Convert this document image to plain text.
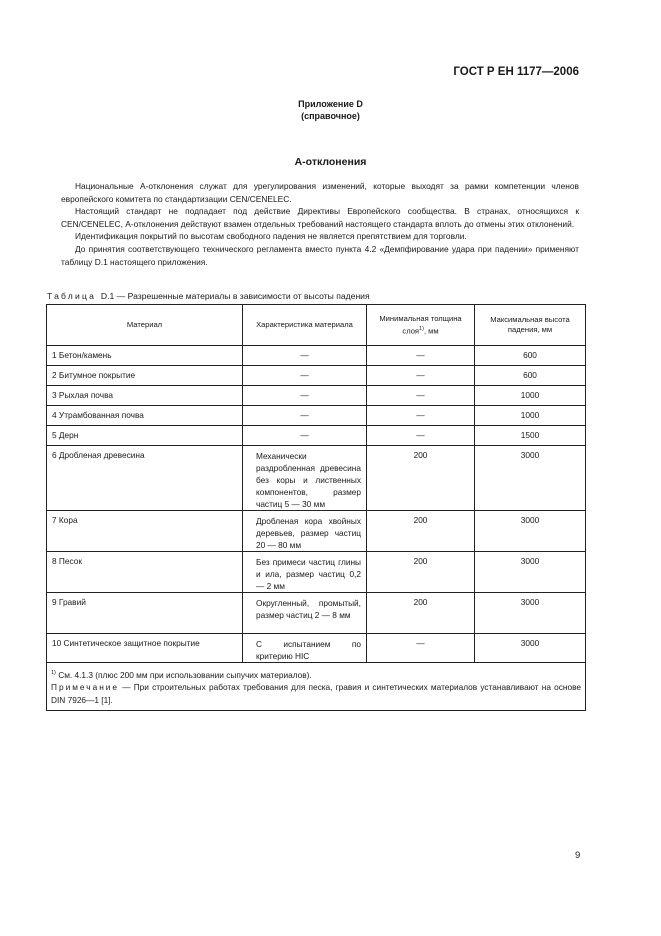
ГОСТ Р ЕН 1177—2006
Приложение D
(справочное)
А-отклонения

Национальные А-отклонения служат для урегулирования изменений, которые выходят за рамки компетенции членов европейского комитета по стандартизации CEN/CENELEC.

Настоящий стандарт не подпадает под действие Директивы Европейского сообщества. В странах, относящихся к CEN/CENELEC, А-отклонения действуют взамен отдельных требований настоящего стандарта вплоть до отмены этих отклонений.

Идентификация покрытий по высотам свободного падения не является препятствием для торговли.

До принятия соответствующего технического регламента вместо пункта 4.2 «Демпфирование удара при падении» применяют таблицу D.1 настоящего приложения.

Таблица D.1 — Разрешенные материалы в зависимости от высоты падения
Материал	Характеристика материала	Минимальная толщина слоя$^{1)}$, мм	Максимальная высота падения, мм
1 Бетон/камень	—	—	600
2 Битумное покрытие	—	—	600
3 Рыхлая почва	—	—	1000
4 Утрамбованная почва	—	—	1000
5 Дерн	—	—	1500
6 Дробленая древесина	Механически раздробленная древесина без коры и лиственных компонентов, размер частиц 5 — 30 мм	200	3000
7 Кора	Дробленая кора хвойных деревьев, размер частиц 20 — 80 мм	200	3000
8 Песок	Без примеси частиц глины и ила, размер частиц 0,2 — 2 мм	200	3000
9 Гравий	Округленный, промытый, размер частиц 2 — 8 мм	200	3000
10 Синтетическое защитное покрытие	С испытанием по критерию HIC	—	3000

$^{1)}$ См. 4.1.3 (плюс 200 мм при использовании сыпучих материалов).
Примечание — При строительных работах требования для песка, гравия и синтетических материалов устанавливают на основе DIN 7926—1 [1].			
9
